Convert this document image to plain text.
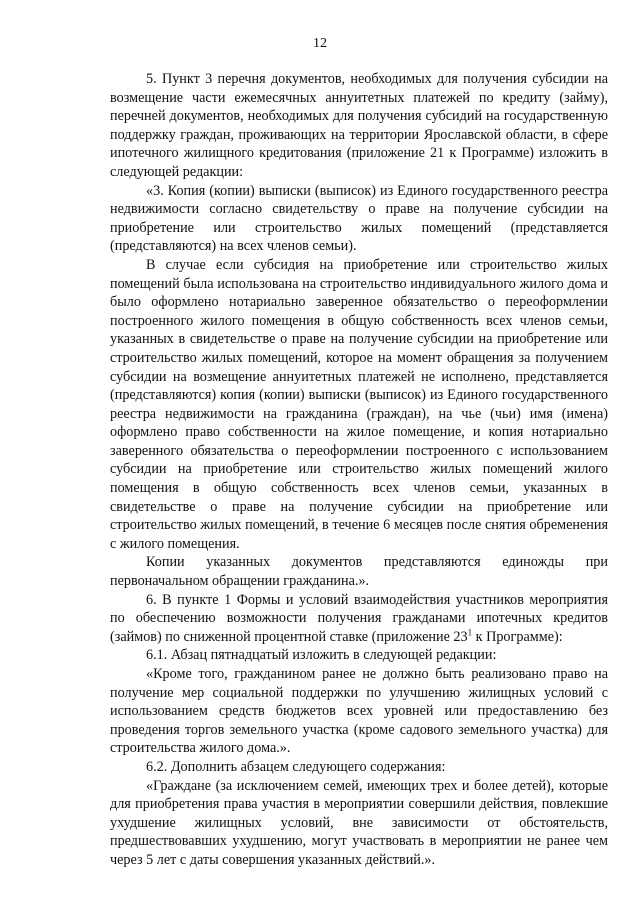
12

5. Пункт 3 перечня документов, необходимых для получения субсидии на возмещение части ежемесячных аннуитетных платежей по кредиту (займу), перечней документов, необходимых для получения субсидий на государственную поддержку граждан, проживающих на территории Ярославской области, в сфере ипотечного жилищного кредитования (приложение 21 к Программе) изложить в следующей редакции:

«3. Копия (копии) выписки (выписок) из Единого государственного реестра недвижимости согласно свидетельству о праве на получение субсидии на приобретение или строительство жилых помещений (представляется (представляются) на всех членов семьи).

В случае если субсидия на приобретение или строительство жилых помещений была использована на строительство индивидуального жилого дома и было оформлено нотариально заверенное обязательство о переоформлении построенного жилого помещения в общую собственность всех членов семьи, указанных в свидетельстве о праве на получение субсидии на приобретение или строительство жилых помещений, которое на момент обращения за получением субсидии на возмещение аннуитетных платежей не исполнено, представляется (представляются) копия (копии) выписки (выписок) из Единого государственного реестра недвижимости на гражданина (граждан), на чье (чьи) имя (имена) оформлено право собственности на жилое помещение, и копия нотариально заверенного обязательства о переоформлении построенного с использованием субсидии на приобретение или строительство жилых помещений жилого помещения в общую собственность всех членов семьи, указанных в свидетельстве о праве на получение субсидии на приобретение или строительство жилых помещений, в течение 6 месяцев после снятия обременения с жилого помещения.

Копии указанных документов представляются единожды при первоначальном обращении гражданина.».

6. В пункте 1 Формы и условий взаимодействия участников мероприятия по обеспечению возможности получения гражданами ипотечных кредитов (займов) по сниженной процентной ставке (приложение $23^1$ к Программе):

6.1. Абзац пятнадцатый изложить в следующей редакции:

«Кроме того, гражданином ранее не должно быть реализовано право на получение мер социальной поддержки по улучшению жилищных условий с использованием средств бюджетов всех уровней или предоставлению без проведения торгов земельного участка (кроме садового земельного участка) для строительства жилого дома.».

6.2. Дополнить абзацем следующего содержания:

«Граждане (за исключением семей, имеющих трех и более детей), которые для приобретения права участия в мероприятии совершили действия, повлекшие ухудшение жилищных условий, вне зависимости от обстоятельств, предшествовавших ухудшению, могут участвовать в мероприятии не ранее чем через 5 лет с даты совершения указанных действий.».
